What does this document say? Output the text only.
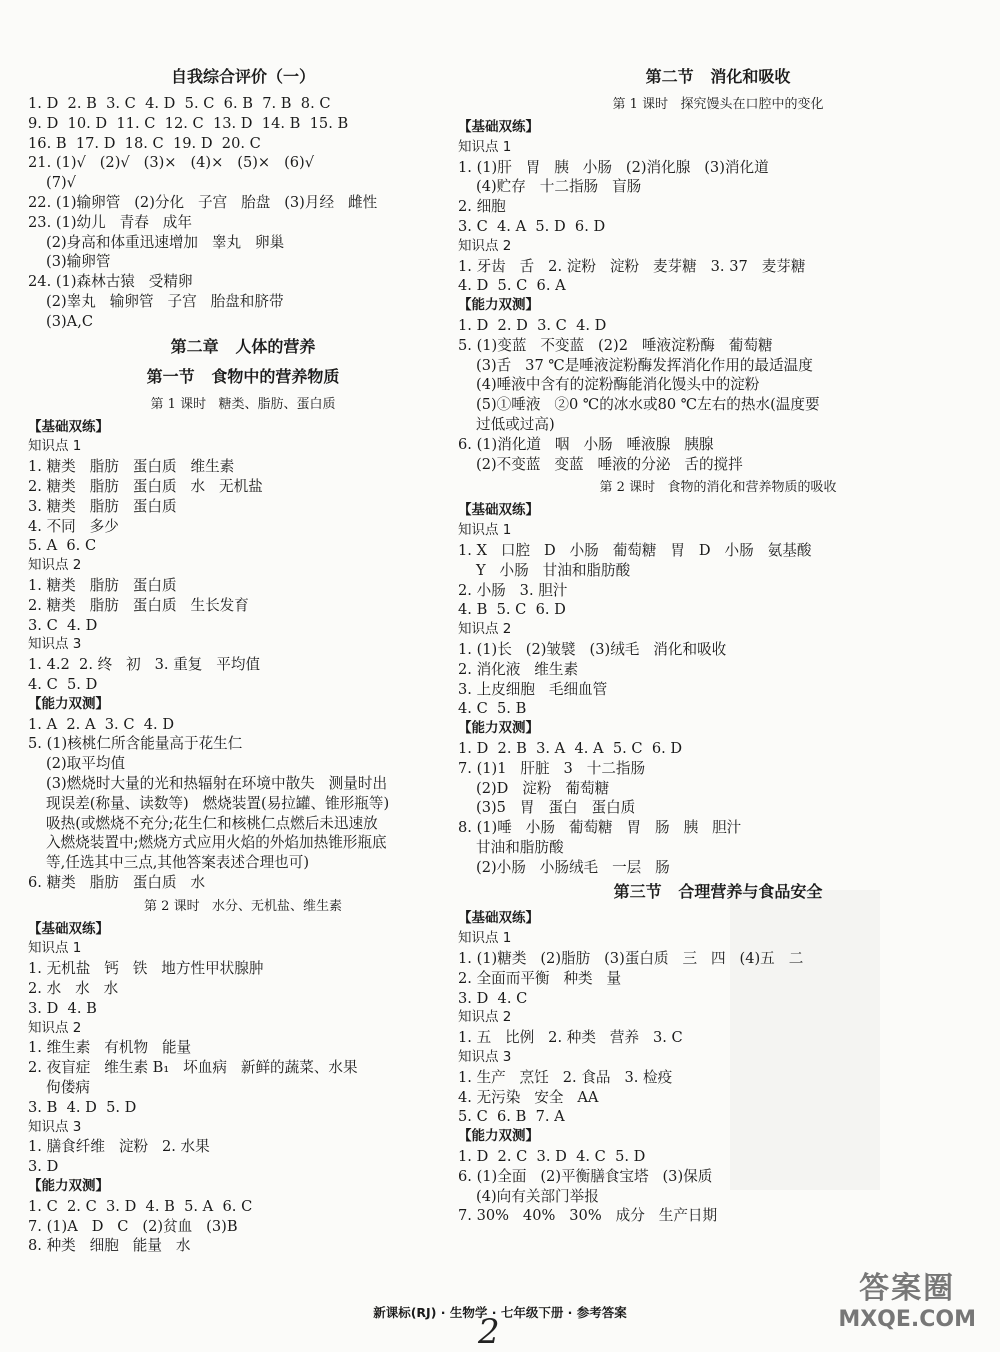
自我综合评价（一）
1. D  2. B  3. C  4. D  5. C  6. B  7. B  8. C
9. D  10. D  11. C  12. C  13. D  14. B  15. B
16. B  17. D  18. C  19. D  20. C
21. (1)√   (2)√   (3)×   (4)×   (5)×   (6)√
(7)√
22. (1)输卵管   (2)分化   子宫   胎盘   (3)月经   雌性
23. (1)幼儿   青春   成年
(2)身高和体重迅速增加   睾丸   卵巢
(3)输卵管
24. (1)森林古猿   受精卵
(2)睾丸   输卵管   子宫   胎盘和脐带
(3)A,C
第二章   人体的营养
第一节   食物中的营养物质
第 1 课时   糖类、脂肪、蛋白质
【基础双练】
知识点 1
1. 糖类   脂肪   蛋白质   维生素
2. 糖类   脂肪   蛋白质   水   无机盐
3. 糖类   脂肪   蛋白质
4. 不同   多少
5. A  6. C
知识点 2
1. 糖类   脂肪   蛋白质
2. 糖类   脂肪   蛋白质   生长发育
3. C  4. D
知识点 3
1. 4.2  2. 终   初   3. 重复   平均值
4. C  5. D
【能力双测】
1. A  2. A  3. C  4. D
5. (1)核桃仁所含能量高于花生仁
(2)取平均值
(3)燃烧时大量的光和热辐射在环境中散失   测量时出
现误差(称量、读数等)   燃烧装置(易拉罐、锥形瓶等)
吸热(或燃烧不充分;花生仁和核桃仁点燃后未迅速放
入燃烧装置中;燃烧方式应用火焰的外焰加热锥形瓶底
等,任选其中三点,其他答案表述合理也可)
6. 糖类   脂肪   蛋白质   水
第 2 课时   水分、无机盐、维生素
【基础双练】
知识点 1
1. 无机盐   钙   铁   地方性甲状腺肿
2. 水   水   水
3. D  4. B
知识点 2
1. 维生素   有机物   能量
2. 夜盲症   维生素 B₁   坏血病   新鲜的蔬菜、水果
佝偻病
3. B  4. D  5. D
知识点 3
1. 膳食纤维   淀粉   2. 水果
3. D
【能力双测】
1. C  2. C  3. D  4. B  5. A  6. C
7. (1)A   D   C   (2)贫血   (3)B
8. 种类   细胞   能量   水
第二节   消化和吸收
第 1 课时   探究馒头在口腔中的变化
【基础双练】
知识点 1
1. (1)肝   胃   胰   小肠   (2)消化腺   (3)消化道
(4)贮存   十二指肠   盲肠
2. 细胞
3. C  4. A  5. D  6. D
知识点 2
1. 牙齿   舌   2. 淀粉   淀粉   麦芽糖   3. 37   麦芽糖
4. D  5. C  6. A
【能力双测】
1. D  2. D  3. C  4. D
5. (1)变蓝   不变蓝   (2)2   唾液淀粉酶   葡萄糖
(3)舌   37 ℃是唾液淀粉酶发挥消化作用的最适温度
(4)唾液中含有的淀粉酶能消化馒头中的淀粉
(5)①唾液   ②0 ℃的冰水或80 ℃左右的热水(温度要
过低或过高)
6. (1)消化道   咽   小肠   唾液腺   胰腺
(2)不变蓝   变蓝   唾液的分泌   舌的搅拌
第 2 课时   食物的消化和营养物质的吸收
【基础双练】
知识点 1
1. X   口腔   D   小肠   葡萄糖   胃   D   小肠   氨基酸
Y   小肠   甘油和脂肪酸
2. 小肠   3. 胆汁
4. B  5. C  6. D
知识点 2
1. (1)长   (2)皱襞   (3)绒毛   消化和吸收
2. 消化液   维生素
3. 上皮细胞   毛细血管
4. C  5. B
【能力双测】
1. D  2. B  3. A  4. A  5. C  6. D
7. (1)1   肝脏   3   十二指肠
(2)D   淀粉   葡萄糖
(3)5   胃   蛋白   蛋白质
8. (1)唾   小肠   葡萄糖   胃   肠   胰   胆汁
甘油和脂肪酸
(2)小肠   小肠绒毛   一层   肠
第三节   合理营养与食品安全
【基础双练】
知识点 1
1. (1)糖类   (2)脂肪   (3)蛋白质   三   四   (4)五   二
2. 全面而平衡   种类   量
3. D  4. C
知识点 2
1. 五   比例   2. 种类   营养   3. C
知识点 3
1. 生产   烹饪   2. 食品   3. 检疫
4. 无污染   安全   AA
5. C  6. B  7. A
【能力双测】
1. D  2. C  3. D  4. C  5. D
6. (1)全面   (2)平衡膳食宝塔   (3)保质
(4)向有关部门举报
7. 30%   40%   30%   成分   生产日期
新课标(RJ) · 生物学 · 七年级下册 · 参考答案
2
答案圈
MXQE.COM
